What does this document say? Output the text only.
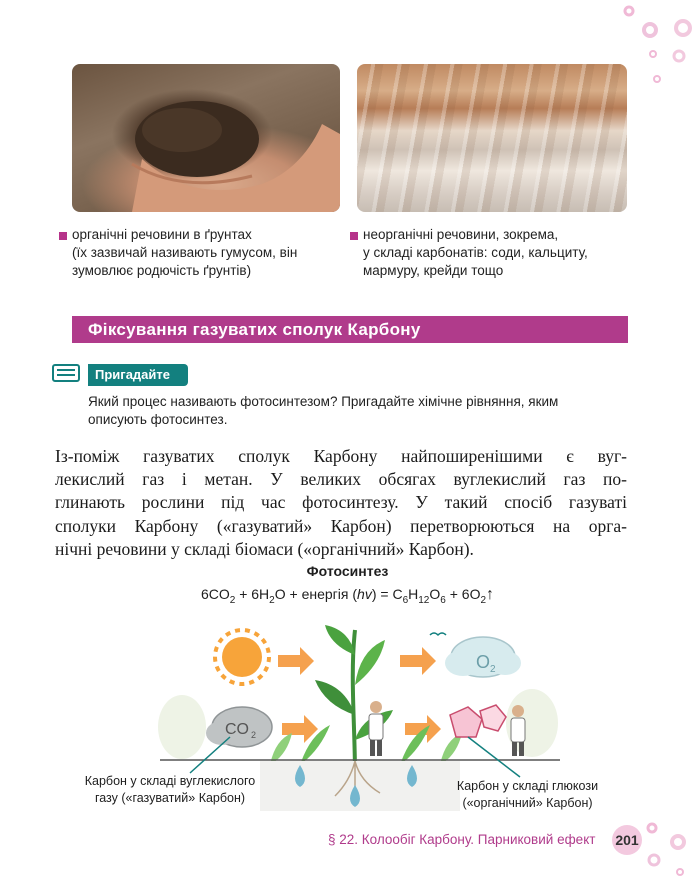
органічні речовини в ґрунтах
(їх зазвичай називають гумусом, він
зумовлює родючість ґрунтів)
неорганічні речовини, зокрема,
у складі карбонатів: соди, кальциту,
мармуру, крейди тощо
Фіксування газуватих сполук Карбону
Пригадайте
Який процес називають фотосинтезом? Пригадайте хімічне рівняння, яким
описують фотосинтез.
Із-поміж газуватих сполук Карбону найпоширенішими є вуг-
лекислий газ і метан. У великих обсягах вуглекислий газ по-
глинають рослини під час фотосинтезу. У такий спосіб газуваті
сполуки Карбону («газуватий» Карбон) перетворюються на орга-
нічні речовини у складі біомаси («органічний» Карбон).
Фотосинтез
$6CO_2 + 6H_2O$ + енергія $(hv) = C_6H_{12}O_6$ + $6O_2↑$
O 2
CO 2
Карбон у складі вуглекислого
газу («газуватий» Карбон)
Карбон у складі глюкози
(«органічний» Карбон)
§ 22. Колообіг Карбону. Парниковий ефект 201
